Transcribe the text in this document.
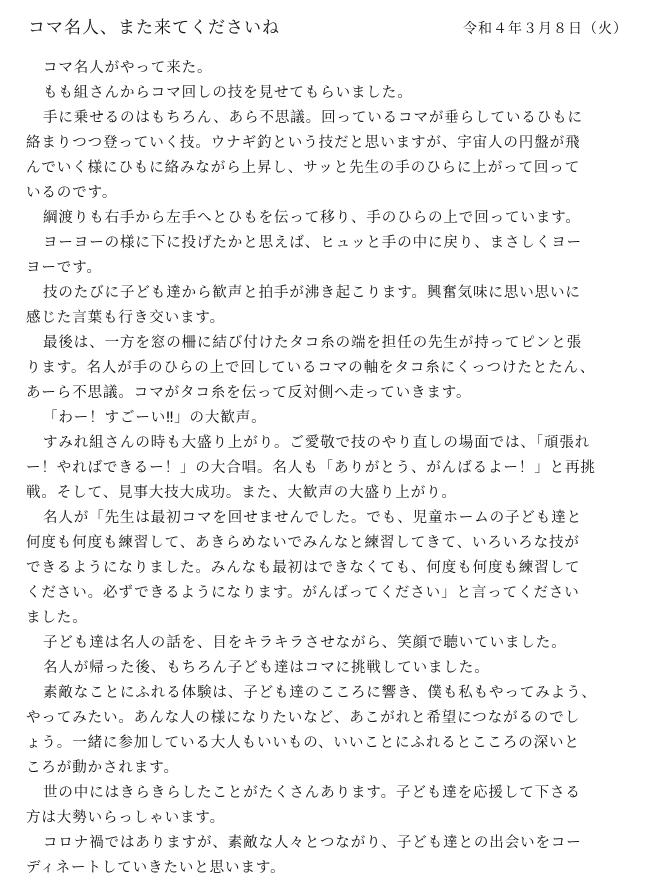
コマ名人、また来てくださいね	令和４年３月８日（火）
コマ名人がやって来た。
もも組さんからコマ回しの技を見せてもらいました。
手に乗せるのはもちろん、あら不思議。回っているコマが垂らしているひもに
絡まりつつ登っていく技。ウナギ釣という技だと思いますが、宇宙人の円盤が飛
んでいく様にひもに絡みながら上昇し、サッと先生の手のひらに上がって回って
いるのです。
綱渡りも右手から左手へとひもを伝って移り、手のひらの上で回っています。
ヨーヨーの様に下に投げたかと思えば、ヒュッと手の中に戻り、まさしくヨー
ヨーです。
技のたびに子ども達から歓声と拍手が沸き起こります。興奮気味に思い思いに
感じた言葉も行き交います。
最後は、一方を窓の柵に結び付けたタコ糸の端を担任の先生が持ってピンと張
ります。名人が手のひらの上で回しているコマの軸をタコ糸にくっつけたとたん、
あーら不思議。コマがタコ糸を伝って反対側へ走っていきます。
「わー！すごーい‼」の大歓声。
すみれ組さんの時も大盛り上がり。ご愛敬で技のやり直しの場面では、「頑張れ
ー！やればできるー！」の大合唱。名人も「ありがとう、がんばるよー！」と再挑
戦。そして、見事大技大成功。また、大歓声の大盛り上がり。
名人が「先生は最初コマを回せませんでした。でも、児童ホームの子ども達と
何度も何度も練習して、あきらめないでみんなと練習してきて、いろいろな技が
できるようになりました。みんなも最初はできなくても、何度も何度も練習して
ください。必ずできるようになります。がんばってください」と言ってください
ました。
子ども達は名人の話を、目をキラキラさせながら、笑顔で聴いていました。
名人が帰った後、もちろん子ども達はコマに挑戦していました。
素敵なことにふれる体験は、子ども達のこころに響き、僕も私もやってみよう、
やってみたい。あんな人の様になりたいなど、あこがれと希望につながるのでし
ょう。一緒に参加している大人もいいもの、いいことにふれるとこころの深いと
ころが動かされます。
世の中にはきらきらしたことがたくさんあります。子ども達を応援して下さる
方は大勢いらっしゃいます。
コロナ禍ではありますが、素敵な人々とつながり、子ども達との出会いをコー
ディネートしていきたいと思います。
